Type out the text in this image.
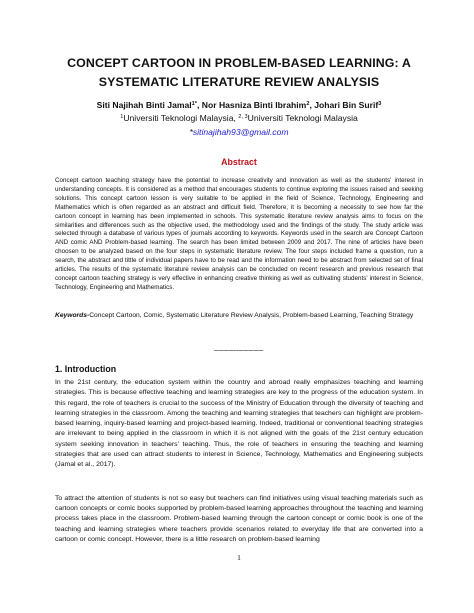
CONCEPT CARTOON IN PROBLEM-BASED LEARNING: A SYSTEMATIC LITERATURE REVIEW ANALYSIS
Siti Najihah Binti Jamal$^{1*}$, Nor Hasniza Binti Ibrahim$^2$, Johari Bin Surif$^3$
$^1$Universiti Teknologi Malaysia, $^{2, 3}$Universiti Teknologi Malaysia
*sitinajihah93@gmail.com
Abstract
Concept cartoon teaching strategy have the potential to increase creativity and innovation as well as the students' interest in understanding concepts. It is considered as a method that encourages students to continue exploring the issues raised and seeking solutions. This concept cartoon lesson is very suitable to be applied in the field of Science, Technology, Engineering and Mathematics which is often regarded as an abstract and difficult field. Therefore, it is becoming a necessity to see how far the cartoon concept in learning has been implemented in schools. This systematic literature review analysis aims to focus on the similarities and differences such as the objective used, the methodology used and the findings of the study. The study article was selected through a database of various types of journals according to keywords. Keywords used in the search are Concept Cartoon AND comic AND Problem-based learning. The search has been limited between 2009 and 2017. The nine of articles have been choosen to be analyzed based on the four steps in systematic literature review. The four steps included frame a question, run a search, the abstract and tittle of individual papers have to be read and the information need to be abstract from selected set of final articles. The results of the systematic literature review analysis can be concluded on recent research and previous research that concept cartoon teaching strategy is very effective in enhancing creative thinking as well as cultivating students' interest in Science, Technology, Engineering and Mathematics.
Keywords-Concept Cartoon, Comic, Systematic Literature Review Analysis, Problem-based Learning, Teaching Strategy
__________
1. Introduction
In the 21st century, the education system within the country and abroad really emphasizes teaching and learning strategies. This is because effective teaching and learning strategies are key to the progress of the education system. In this regard, the role of teachers is crucial to the success of the Ministry of Education through the diversity of teaching and learning strategies in the classroom. Among the teaching and learning strategies that teachers can highlight are problem-based learning, inquiry-based learning and project-based learning. Indeed, traditional or conventional teaching strategies are irrelevant to being applied in the classroom in which it is not aligned with the goals of the 21st century education system seeking innovation in teachers' teaching. Thus, the role of teachers in ensuring the teaching and learning strategies that are used can attract students to interest in Science, Technology, Mathematics and Engineering subjects (Jamal et al., 2017).
To attract the attention of students is not so easy but teachers can find initiatives using visual teaching materials such as cartoon concepts or comic books supported by problem-based learning approaches throughout the teaching and learning process takes place in the classroom. Problem-based learning through the cartoon concept or comic book is one of the teaching and learning strategies where teachers provide scenarios related to everyday life that are converted into a cartoon or comic concept. However, there is a little research on problem-based learning
1
